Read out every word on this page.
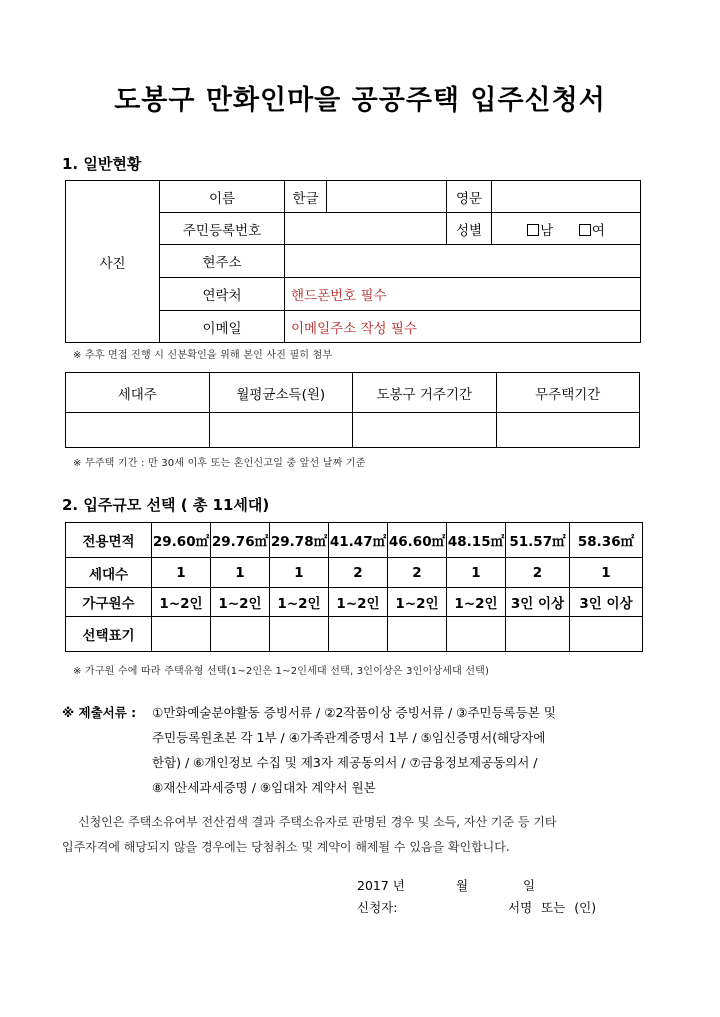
도봉구 만화인마을 공공주택 입주신청서
1. 일반현황
사진	이름	한글		영문	
	주민등록번호			성별	남 여
	현주소				
	연락처	핸드폰번호 필수			
	이메일	이메일주소 작성 필수			
※ 추후 면접 진행 시 신분확인을 위해 본인 사진 필히 첨부
세대주	월평균소득(원)	도봉구 거주기간	무주택기간

※ 무주택 기간 : 만 30세 이후 또는 혼인신고일 중 앞선 날짜 기준
2. 입주규모 선택 ( 총 11세대)
전용면적	29.60㎡	29.76㎡	29.78㎡	41.47㎡	46.60㎡	48.15㎡	51.57㎡	58.36㎡
세대수	1	1	1	2	2	1	2	1
가구원수	1~2인	1~2인	1~2인	1~2인	1~2인	1~2인	3인 이상	3인 이상
선택표기								
※ 가구원 수에 따라 주택유형 선택(1~2인은 1~2인세대 선택, 3인이상은 3인이상세대 선택)
※ 제출서류 : ①만화예술분야활동 증빙서류 / ②2작품이상 증빙서류 / ③주민등록등본 및
주민등록원초본 각 1부 / ④가족관계증명서 1부 / ⑤임신증명서(해당자에
한함) / ⑥개인정보 수집 및 제3자 제공동의서 / ⑦금융정보제공동의서 /
⑧재산세과세증명 / ⑨임대차 계약서 원본
신청인은 주택소유여부 전산검색 결과 주택소유자로 판명된 경우 및 소득, 자산 기준 등 기타
입주자격에 해당되지 않을 경우에는 당첨취소 및 계약이 해제될 수 있음을 확인합니다.
2017 년	월	일
신청자:	서명 또는 (인)
